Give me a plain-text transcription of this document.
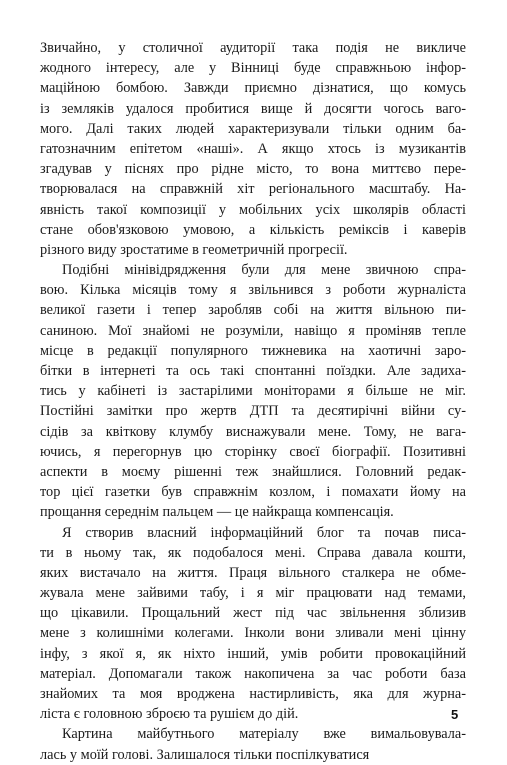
Звичайно, у столичної аудиторії така подія не викличе
жодного інтересу, але у Вінниці буде справжньою інфор-
маційною бомбою. Завжди приємно дізнатися, що комусь
із земляків удалося пробитися вище й досягти чогось ваго-
мого. Далі таких людей характеризували тільки одним ба-
гатозначним епітетом «наші». А якщо хтось із музикантів
згадував у піснях про рідне місто, то вона миттєво пере-
творювалася на справжній хіт регіонального масштабу. На-
явність такої композиції у мобільних усіх школярів області
стане обов'язковою умовою, а кількість реміксів і каверів
різного виду зростатиме в геометричній прогресії.
Подібні мінівідрядження були для мене звичною спра-
вою. Кілька місяців тому я звільнився з роботи журналіста
великої газети і тепер заробляв собі на життя вільною пи-
саниною. Мої знайомі не розуміли, навіщо я проміняв тепле
місце в редакції популярного тижневика на хаотичні заро-
бітки в інтернеті та ось такі спонтанні поїздки. Але задиха-
тись у кабінеті із застарілими моніторами я більше не міг.
Постійні замітки про жертв ДТП та десятирічні війни су-
сідів за квіткову клумбу виснажували мене. Тому, не вага-
ючись, я перегорнув цю сторінку своєї біографії. Позитивні
аспекти в моєму рішенні теж знайшлися. Головний редак-
тор цієї газетки був справжнім козлом, і помахати йому на
прощання середнім пальцем — це найкраща компенсація.
Я створив власний інформаційний блог та почав писа-
ти в ньому так, як подобалося мені. Справа давала кошти,
яких вистачало на життя. Праця вільного сталкера не обме-
жувала мене зайвими табу, і я міг працювати над темами,
що цікавили. Прощальний жест під час звільнення зблизив
мене з колишніми колегами. Інколи вони зливали мені цінну
інфу, з якої я, як ніхто інший, умів робити провокаційний
матеріал. Допомагали також накопичена за час роботи база
знайомих та моя вроджена настирливість, яка для журна-
ліста є головною зброєю та рушієм до дій.
Картина майбутнього матеріалу вже вимальовувала-
лась у моїй голові. Залишалося тільки поспілкуватися
5
